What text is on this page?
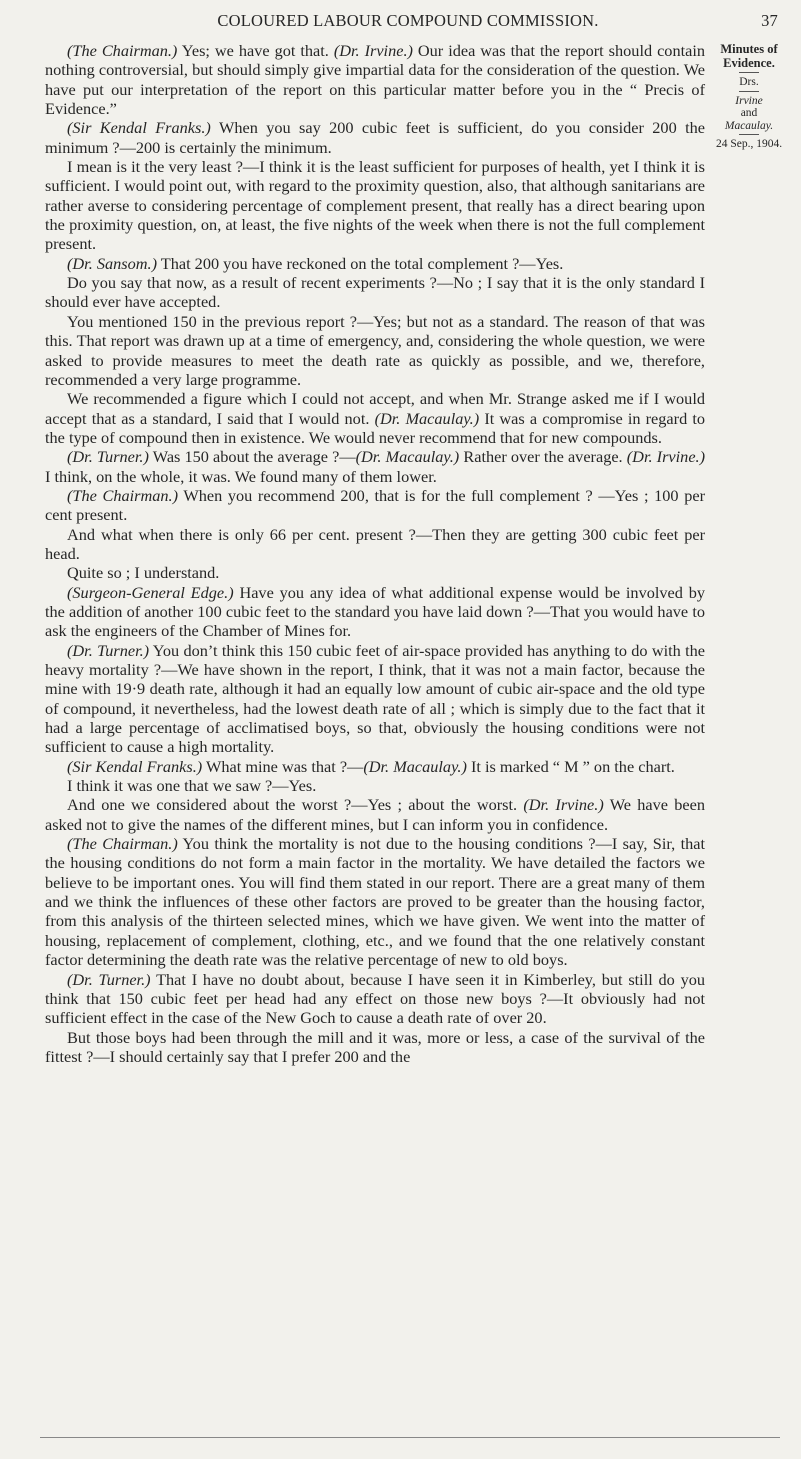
COLOURED LABOUR COMPOUND COMMISSION.	37
Minutes of
Evidence.
Drs.
Irvine
and
Macaulay.
24 Sep., 1904.

(The Chairman.) Yes; we have got that. (Dr. Irvine.) Our idea was that the report should contain nothing controversial, but should simply give impartial data for the consideration of the question. We have put our interpretation of the report on this particular matter before you in the “ Precis of Evidence.”

(Sir Kendal Franks.) When you say 200 cubic feet is sufficient, do you consider 200 the minimum ?—200 is certainly the minimum.

I mean is it the very least ?—I think it is the least sufficient for purposes of health, yet I think it is sufficient. I would point out, with regard to the proximity question, also, that although sanitarians are rather averse to considering percentage of complement present, that really has a direct bearing upon the proximity question, on, at least, the five nights of the week when there is not the full complement present.

(Dr. Sansom.) That 200 you have reckoned on the total complement ?—Yes.

Do you say that now, as a result of recent experiments ?—No ; I say that it is the only standard I should ever have accepted.

You mentioned 150 in the previous report ?—Yes; but not as a standard. The reason of that was this. That report was drawn up at a time of emergency, and, considering the whole question, we were asked to provide measures to meet the death rate as quickly as possible, and we, therefore, recommended a very large programme.

We recommended a figure which I could not accept, and when Mr. Strange asked me if I would accept that as a standard, I said that I would not. (Dr. Macaulay.) It was a compromise in regard to the type of compound then in existence. We would never recommend that for new compounds.

(Dr. Turner.) Was 150 about the average ?—(Dr. Macaulay.) Rather over the average. (Dr. Irvine.) I think, on the whole, it was. We found many of them lower.

(The Chairman.) When you recommend 200, that is for the full complement ? —Yes ; 100 per cent present.

And what when there is only 66 per cent. present ?—Then they are getting 300 cubic feet per head.

Quite so ; I understand.

(Surgeon-General Edge.) Have you any idea of what additional expense would be involved by the addition of another 100 cubic feet to the standard you have laid down ?—That you would have to ask the engineers of the Chamber of Mines for.

(Dr. Turner.) You don’t think this 150 cubic feet of air-space provided has anything to do with the heavy mortality ?—We have shown in the report, I think, that it was not a main factor, because the mine with 19·9 death rate, although it had an equally low amount of cubic air-space and the old type of compound, it nevertheless, had the lowest death rate of all ; which is simply due to the fact that it had a large percentage of acclimatised boys, so that, obviously the housing conditions were not sufficient to cause a high mortality.

(Sir Kendal Franks.) What mine was that ?—(Dr. Macaulay.) It is marked “ M ” on the chart.

I think it was one that we saw ?—Yes.

And one we considered about the worst ?—Yes ; about the worst. (Dr. Irvine.) We have been asked not to give the names of the different mines, but I can inform you in confidence.

(The Chairman.) You think the mortality is not due to the housing conditions ?—I say, Sir, that the housing conditions do not form a main factor in the mortality. We have detailed the factors we believe to be important ones. You will find them stated in our report. There are a great many of them and we think the influences of these other factors are proved to be greater than the housing factor, from this analysis of the thirteen selected mines, which we have given. We went into the matter of housing, replacement of complement, clothing, etc., and we found that the one relatively constant factor determining the death rate was the relative percentage of new to old boys.

(Dr. Turner.) That I have no doubt about, because I have seen it in Kimberley, but still do you think that 150 cubic feet per head had any effect on those new boys ?—It obviously had not sufficient effect in the case of the New Goch to cause a death rate of over 20.

But those boys had been through the mill and it was, more or less, a case of the survival of the fittest ?—I should certainly say that I prefer 200 and the
